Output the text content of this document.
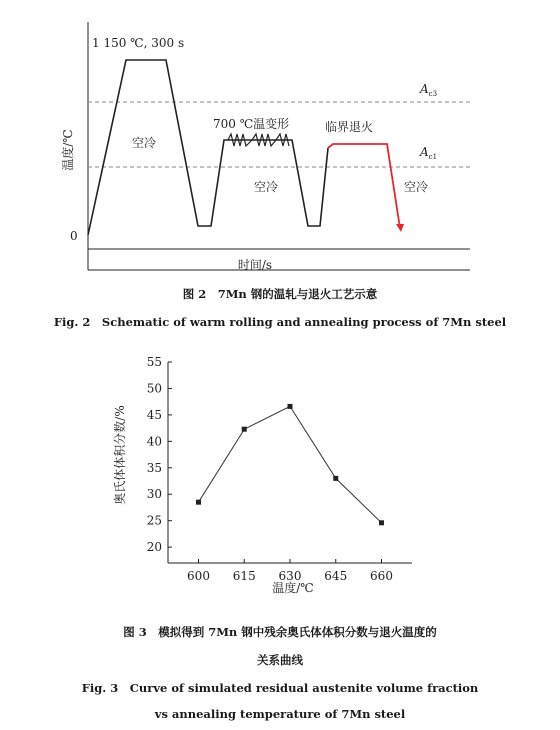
温度/℃
0
时间/s
1 150 ℃, 300 s
700 ℃温变形	临界退火
空冷
空冷	空冷
$A_{c3}$
$A_{c1}$
图 2　7Mn 钢的温轧与退火工艺示意
Fig. 2　Schematic of warm rolling and annealing process of 7Mn steel
奥氏体体积分数/%
温度/℃
20
25
30
35
40
45
50
55
600 615 630 645 660
图 3　模拟得到 7Mn 钢中残余奥氏体体积分数与退火温度的
关系曲线
Fig. 3　Curve of simulated residual austenite volume fraction
vs annealing temperature of 7Mn steel
